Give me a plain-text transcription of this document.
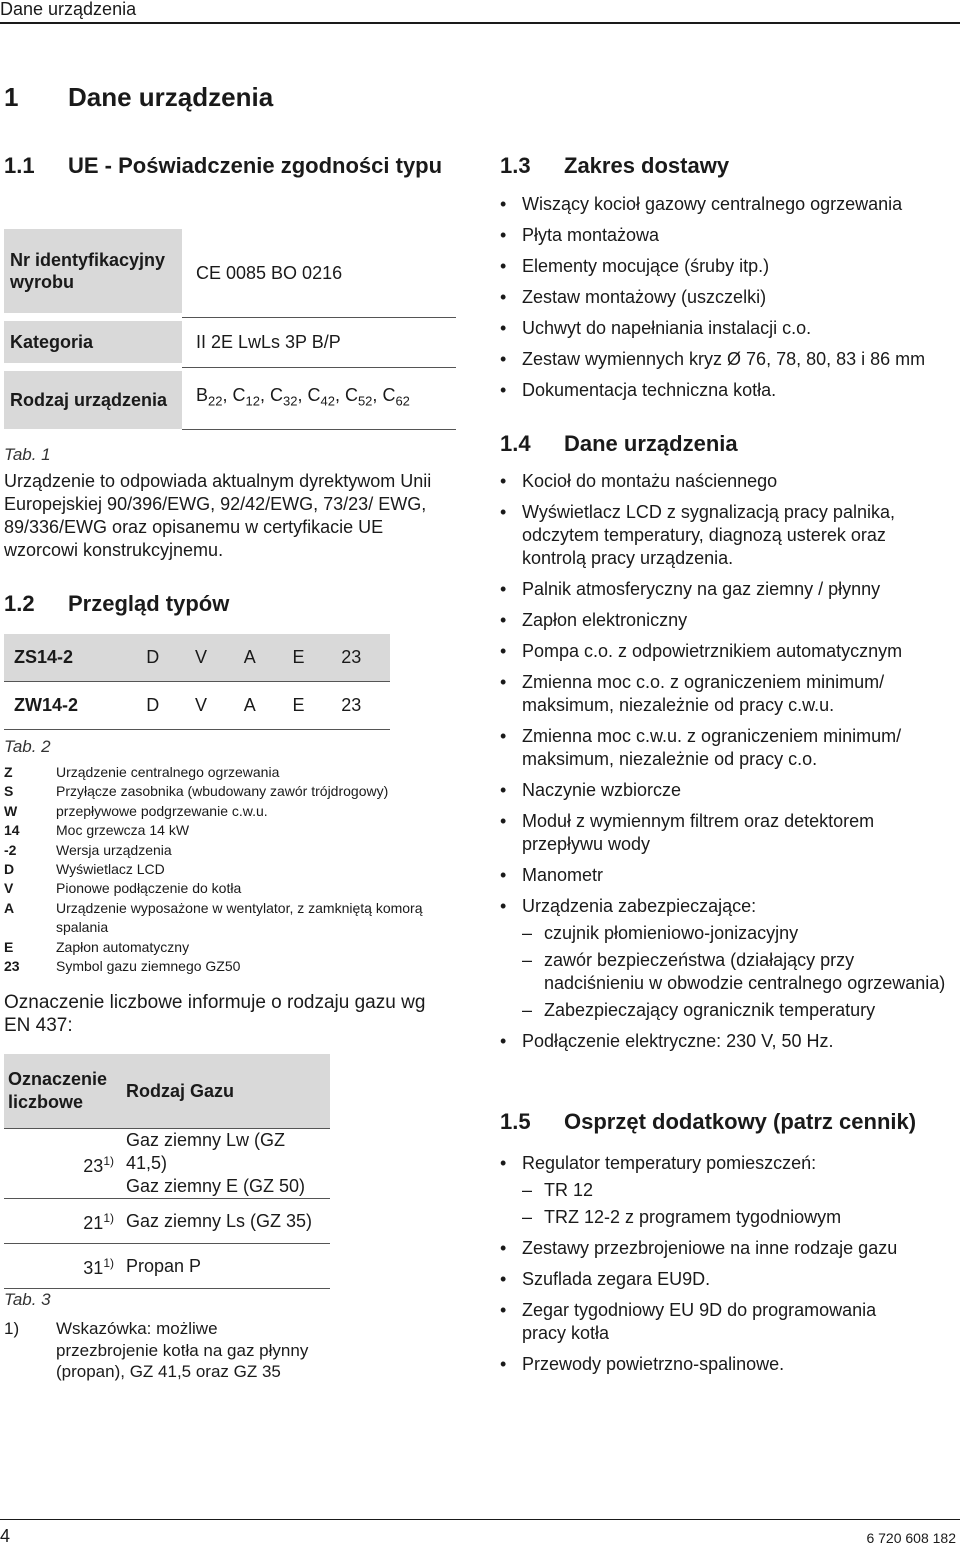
Dane urządzenia
1 Dane urządzenia
1.1 UE - Poświadczenie zgodności typu
Nr identyfikacyjny wyrobu	CE 0085 BO 0216
Kategoria	II 2E LwLs 3P B/P
Rodzaj urządzenia	$B_{22}$, $C_{12}$, $C_{32}$, $C_{42}$, $C_{52}$, $C_{62}$
Tab. 1
Urządzenie to odpowiada aktualnym dyrektywom Unii Europejskiej 90/396/EWG, 92/42/EWG, 73/23/ EWG, 89/336/EWG oraz opisanemu w certyfikacie UE wzorcowi konstrukcyjnemu.
1.2 Przegląd typów
ZS14-2	D	V	A	E	23
ZW14-2	D	V	A	E	23
Tab. 2
Z	Urządzenie centralnego ogrzewania
S	Przyłącze zasobnika (wbudowany zawór trójdrogowy)
W	przepływowe podgrzewanie c.w.u.
14	Moc grzewcza 14 kW
-2	Wersja urządzenia
D	Wyświetlacz LCD
V	Pionowe podłączenie do kotła
A	Urządzenie wyposażone w wentylator, z zamkniętą komorą spalania
E	Zapłon automatyczny
23	Symbol gazu ziemnego GZ50
Oznaczenie liczbowe informuje o rodzaju gazu wg EN 437:
Oznaczenie liczbowe	Rodzaj Gazu
23$^{1)}$	Gaz ziemny Lw (GZ 41,5)
Gaz ziemny E (GZ 50)

21$^{1)}$	Gaz ziemny Ls (GZ 35)

31$^{1)}$	Propan P
Tab. 3
1)	Wskazówka: możliwe przezbrojenie kotła na gaz płynny (propan), GZ 41,5 oraz GZ 35
1.3 Zakres dostawy
• Wiszący kocioł gazowy centralnego ogrzewania
• Płyta montażowa
• Elementy mocujące (śruby itp.)
• Zestaw montażowy (uszczelki)
• Uchwyt do napełniania instalacji c.o.
• Zestaw wymiennych kryz Ø 76, 78, 80, 83 i 86 mm
• Dokumentacja techniczna kotła.
1.4 Dane urządzenia
• Kocioł do montażu naściennego
• Wyświetlacz LCD z sygnalizacją pracy palnika, odczytem temperatury, diagnozą usterek oraz kontrolą pracy urządzenia.
• Palnik atmosferyczny na gaz ziemny / płynny
• Zapłon elektroniczny
• Pompa c.o. z odpowietrznikiem automatycznym
• Zmienna moc c.o. z ograniczeniem minimum/ maksimum, niezależnie od pracy c.w.u.
• Zmienna moc c.w.u. z ograniczeniem minimum/ maksimum, niezależnie od pracy c.o.
• Naczynie wzbiorcze
• Moduł z wymiennym filtrem oraz detektorem przepływu wody
• Manometr
• Urządzenia zabezpieczające:
– czujnik płomieniowo-jonizacyjny
– zawór bezpieczeństwa (działający przy nadciśnieniu w obwodzie centralnego ogrzewania)
– Zabezpieczający ogranicznik temperatury
• Podłączenie elektryczne: 230 V, 50 Hz.
1.5 Osprzęt dodatkowy (patrz cennik)
• Regulator temperatury pomieszczeń:
– TR 12
– TRZ 12-2 z programem tygodniowym
• Zestawy przezbrojeniowe na inne rodzaje gazu
• Szuflada zegara EU9D.
• Zegar tygodniowy EU 9D do programowania pracy kotła
• Przewody powietrzno-spalinowe.
4	6 720 608 182
